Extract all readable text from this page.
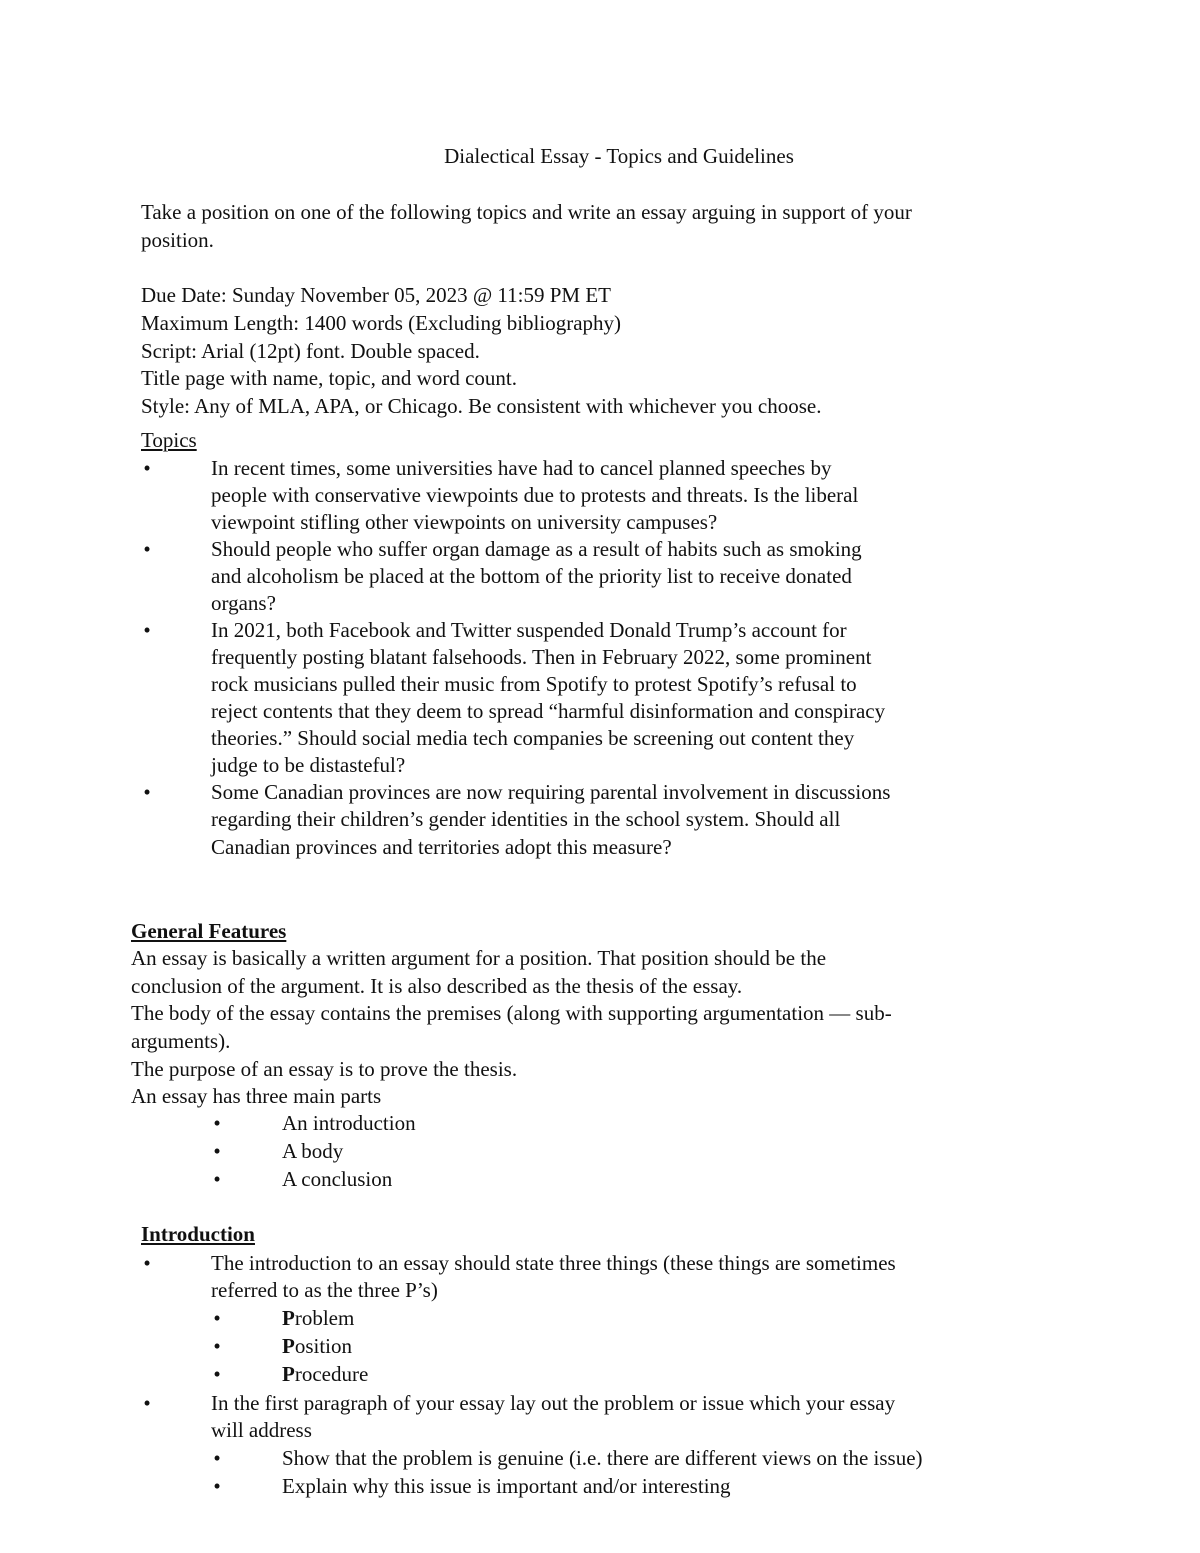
Dialectical Essay - Topics and Guidelines
Take a position on one of the following topics and write an essay arguing in support of your
position.
Due Date: Sunday November 05, 2023 @ 11:59 PM ET
Maximum Length: 1400 words (Excluding bibliography)
Script: Arial (12pt) font. Double spaced.
Title page with name, topic, and word count.
Style: Any of MLA, APA, or Chicago. Be consistent with whichever you choose.
Topics
•	In recent times, some universities have had to cancel planned speeches by
people with conservative viewpoints due to protests and threats. Is the liberal
viewpoint stifling other viewpoints on university campuses?
•	Should people who suffer organ damage as a result of habits such as smoking
and alcoholism be placed at the bottom of the priority list to receive donated
organs?
•	In 2021, both Facebook and Twitter suspended Donald Trump’s account for
frequently posting blatant falsehoods. Then in February 2022, some prominent
rock musicians pulled their music from Spotify to protest Spotify’s refusal to
reject contents that they deem to spread “harmful disinformation and conspiracy
theories.” Should social media tech companies be screening out content they
judge to be distasteful?
•	Some Canadian provinces are now requiring parental involvement in discussions
regarding their children’s gender identities in the school system. Should all
Canadian provinces and territories adopt this measure?
General Features
An essay is basically a written argument for a position. That position should be the
conclusion of the argument. It is also described as the thesis of the essay.
The body of the essay contains the premises (along with supporting argumentation — sub-
arguments).
The purpose of an essay is to prove the thesis.
An essay has three main parts
•	An introduction
•	A body
•	A conclusion
Introduction
•	The introduction to an essay should state three things (these things are sometimes
referred to as the three P’s)
•	Problem
•	Position
•	Procedure
•	In the first paragraph of your essay lay out the problem or issue which your essay
will address
•	Show that the problem is genuine (i.e. there are different views on the issue)
•	Explain why this issue is important and/or interesting
